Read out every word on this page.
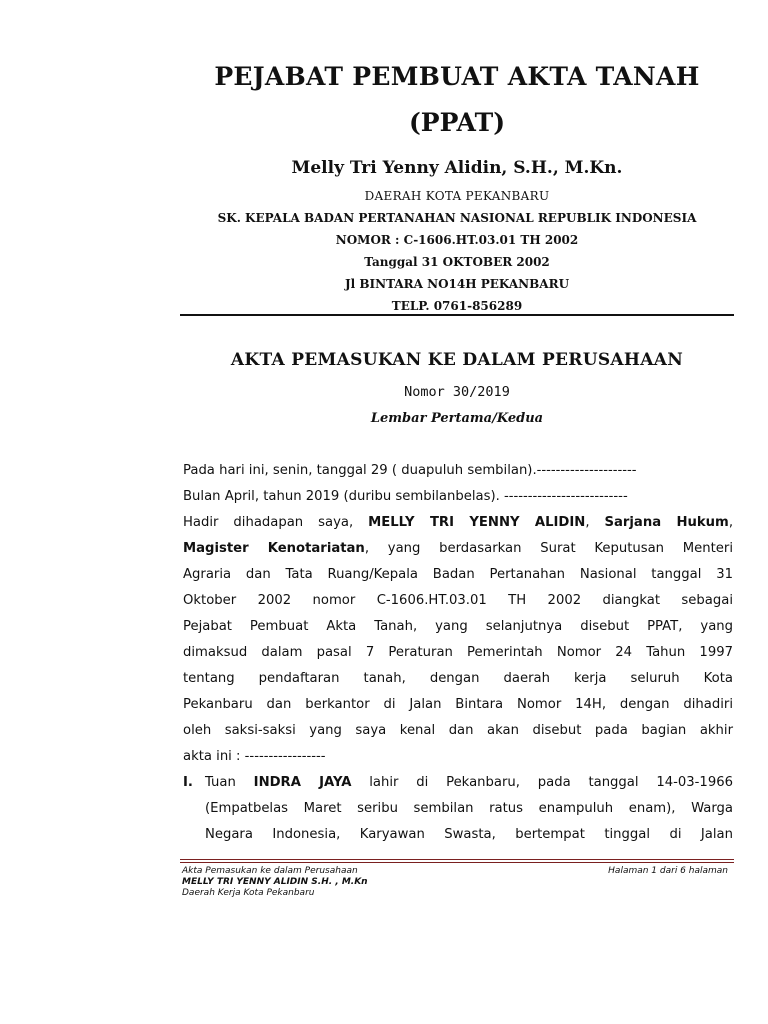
PEJABAT PEMBUAT AKTA TANAH
(PPAT)
Melly Tri Yenny Alidin, S.H., M.Kn.
DAERAH KOTA PEKANBARU
SK. KEPALA BADAN PERTANAHAN NASIONAL REPUBLIK INDONESIA
NOMOR : C-1606.HT.03.01 TH 2002
Tanggal 31 OKTOBER 2002
Jl BINTARA NO14H PEKANBARU
TELP. 0761-856289
AKTA PEMASUKAN KE DALAM PERUSAHAAN
Nomor 30/2019
Lembar Pertama/Kedua
Pada hari ini, senin, tanggal 29 ( duapuluh sembilan).---------------------
Bulan April, tahun 2019 (duribu sembilanbelas). --------------------------
Hadir dihadapan saya, MELLY TRI YENNY ALIDIN, Sarjana Hukum,
Magister Kenotariatan, yang berdasarkan Surat Keputusan Menteri
Agraria dan Tata Ruang/Kepala Badan Pertanahan Nasional tanggal 31
Oktober 2002 nomor C-1606.HT.03.01 TH 2002 diangkat sebagai
Pejabat Pembuat Akta Tanah, yang selanjutnya disebut PPAT, yang
dimaksud dalam pasal 7 Peraturan Pemerintah Nomor 24 Tahun 1997
tentang pendaftaran tanah, dengan daerah kerja seluruh Kota
Pekanbaru dan berkantor di Jalan Bintara Nomor 14H, dengan dihadiri
oleh saksi-saksi yang saya kenal dan akan disebut pada bagian akhir
akta ini : -----------------
I. Tuan INDRA JAYA lahir di Pekanbaru, pada tanggal 14-03-1966
(Empatbelas Maret seribu sembilan ratus enampuluh enam), Warga
Negara Indonesia, Karyawan Swasta, bertempat tinggal di Jalan
Akta Pemasukan ke dalam Perusahaan
MELLY TRI YENNY ALIDIN S.H. , M.Kn
Daerah Kerja Kota Pekanbaru
Halaman 1 dari 6 halaman
